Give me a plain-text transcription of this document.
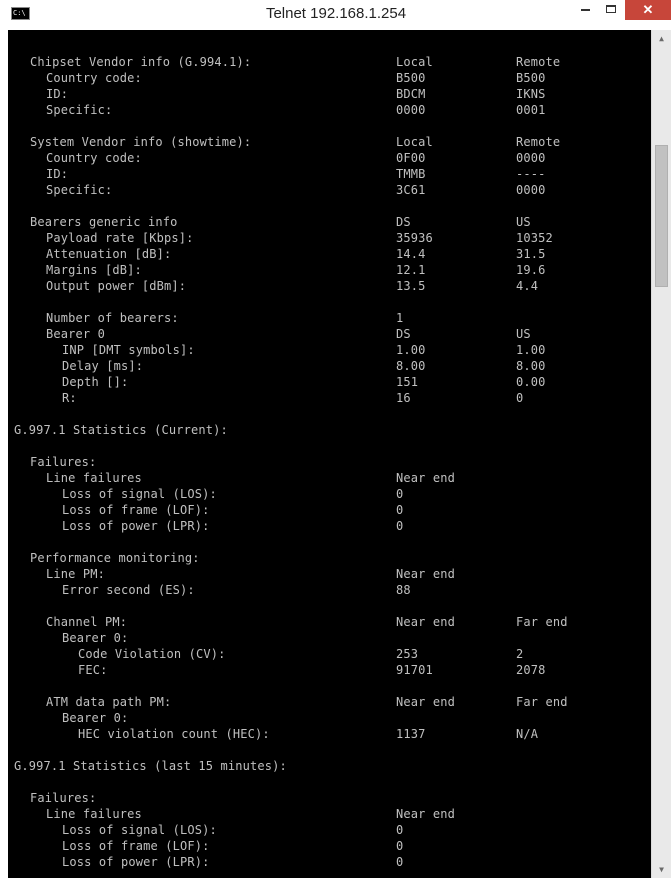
C:\	Telnet 192.168.1.254	✕
Chipset Vendor info (G.994.1):	Local	Remote
Country code:	B500	B500
ID:	BDCM	IKNS
Specific:	0000	0001
System Vendor info (showtime):	Local	Remote
Country code:	0F00	0000
ID:	TMMB	----
Specific:	3C61	0000
Bearers generic info	DS	US
Payload rate [Kbps]:	35936	10352
Attenuation [dB]:	14.4	31.5
Margins [dB]:	12.1	19.6
Output power [dBm]:	13.5	4.4
Number of bearers:	1
Bearer 0	DS	US
INP [DMT symbols]:	1.00	1.00
Delay [ms]:	8.00	8.00
Depth []:	151	0.00
R:	16	0
G.997.1 Statistics (Current):
Failures:
Line failures	Near end
Loss of signal (LOS):	0
Loss of frame (LOF):	0
Loss of power (LPR):	0
Performance monitoring:
Line PM:	Near end
Error second (ES):	88
Channel PM:	Near end	Far end
Bearer 0:
Code Violation (CV):	253	2
FEC:	91701	2078
ATM data path PM:	Near end	Far end
Bearer 0:
HEC violation count (HEC):	1137	N/A
G.997.1 Statistics (last 15 minutes):
Failures:
Line failures	Near end
Loss of signal (LOS):	0
Loss of frame (LOF):	0
Loss of power (LPR):	0
▲
▼
